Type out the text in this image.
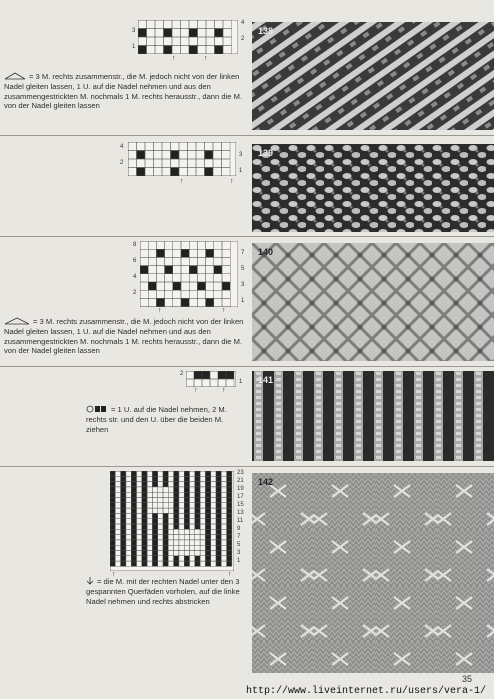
4
3
2
1
↑	↑
= 3 M. rechts zusammenstr., die M. jedoch nicht von der linken Nadel gleiten lassen, 1 U. auf die Nadel nehmen und aus den zusammengestrickten M. nochmals 1 M. rechts herausstr., dann die M. von der Nadel gleiten lassen
138
4
3
2
1
↑	↑
139
8
7
6
5
4
3
2
1
↑	↑
= 3 M. rechts zusammenstr., die M. jedoch nicht von der linken Nadel gleiten lassen, 1 U. auf die Nadel nehmen und aus den zusammengestrickten M. nochmals 1 M. rechts herausstr., dann die M. von der Nadel gleiten lassen
140
2
1
↑	↑
= 1 U. auf die Nadel nehmen, 2 M. rechts str. und den U. über die beiden M. ziehen
141
23
21
19
17
15
13
11
9
7
5
3
1
↑	↑
= die M. mit der rechten Nadel unter den 3 gespannten Querfäden vorholen, auf die linke Nadel nehmen und rechts abstricken
142
35
http://www.liveinternet.ru/users/vera-1/
